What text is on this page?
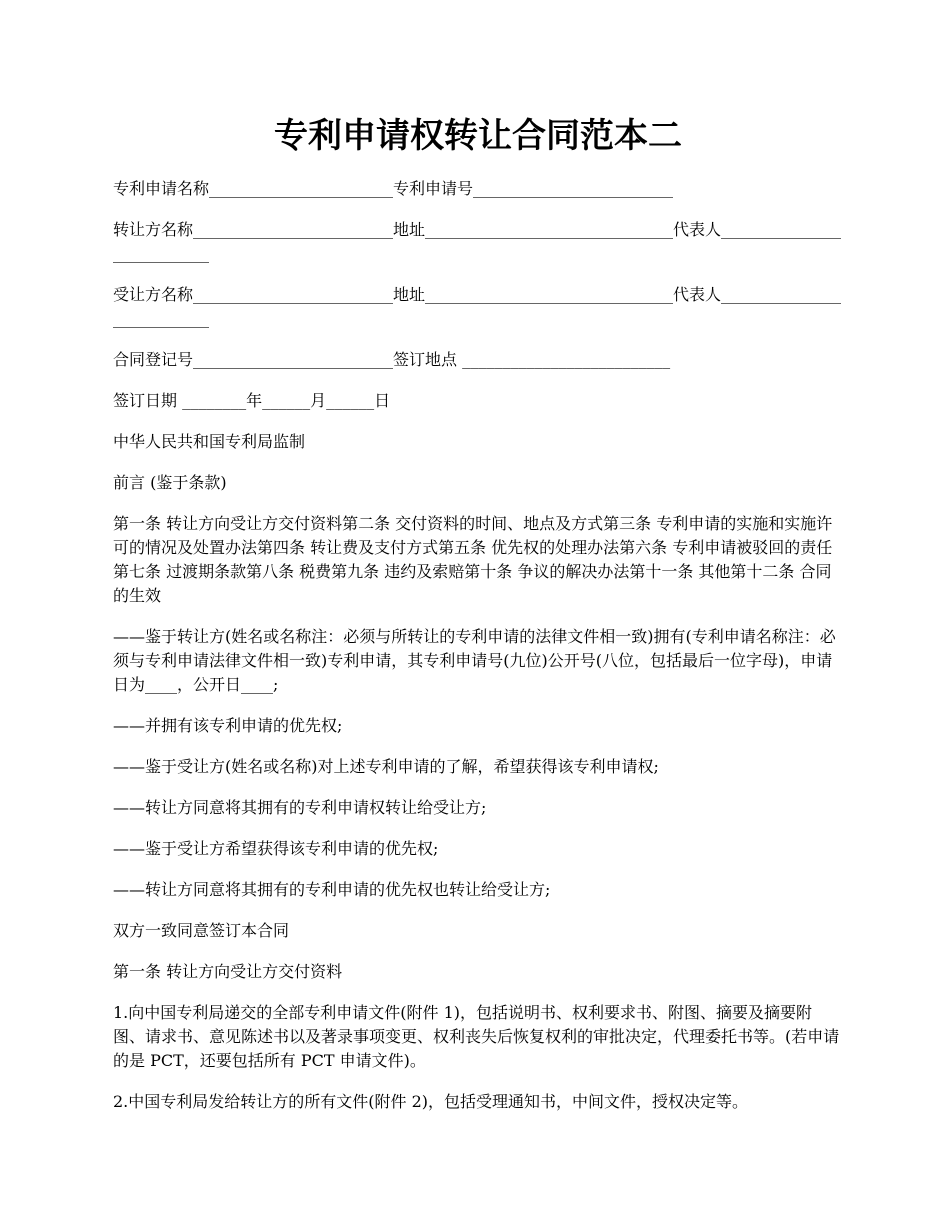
专利申请权转让合同范本二

专利申请名称_______________________专利申请号_________________________

转让方名称_________________________地址_______________________________代表人___________________________

受让方名称_________________________地址_______________________________代表人___________________________

合同登记号_________________________签订地点 __________________________

签订日期 ________年______月______日

中华人民共和国专利局监制

前言 (鉴于条款)

第一条 转让方向受让方交付资料第二条 交付资料的时间、地点及方式第三条 专利申请的实施和实施许可的情况及处置办法第四条 转让费及支付方式第五条 优先权的处理办法第六条 专利申请被驳回的责任第七条 过渡期条款第八条 税费第九条 违约及索赔第十条 争议的解决办法第十一条 其他第十二条 合同的生效

——鉴于转让方(姓名或名称注：必须与所转让的专利申请的法律文件相一致)拥有(专利申请名称注：必须与专利申请法律文件相一致)专利申请，其专利申请号(九位)公开号(八位，包括最后一位字母)，申请日为____，公开日____;

——并拥有该专利申请的优先权;

——鉴于受让方(姓名或名称)对上述专利申请的了解，希望获得该专利申请权;

——转让方同意将其拥有的专利申请权转让给受让方;

——鉴于受让方希望获得该专利申请的优先权;

——转让方同意将其拥有的专利申请的优先权也转让给受让方;

双方一致同意签订本合同

第一条 转让方向受让方交付资料

1.向中国专利局递交的全部专利申请文件(附件 1)，包括说明书、权利要求书、附图、摘要及摘要附图、请求书、意见陈述书以及著录事项变更、权利丧失后恢复权利的审批决定，代理委托书等。(若申请的是 PCT，还要包括所有 PCT 申请文件)。

2.中国专利局发给转让方的所有文件(附件 2)，包括受理通知书，中间文件，授权决定等。
